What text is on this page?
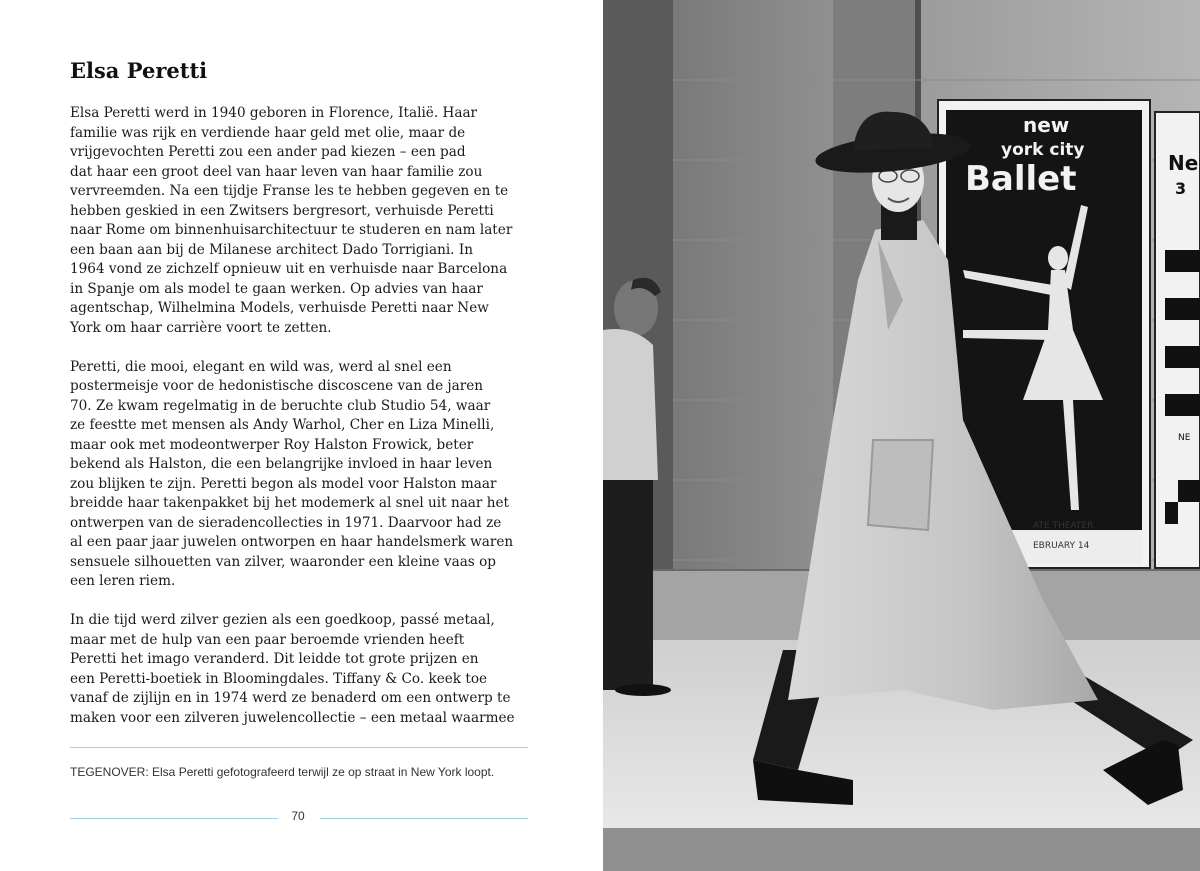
Elsa Peretti
Elsa Peretti werd in 1940 geboren in Florence, Italië. Haar
familie was rijk en verdiende haar geld met olie, maar de
vrijgevochten Peretti zou een ander pad kiezen – een pad
dat haar een groot deel van haar leven van haar familie zou
vervreemden. Na een tijdje Franse les te hebben gegeven en te
hebben geskied in een Zwitsers bergresort, verhuisde Peretti
naar Rome om binnenhuisarchitectuur te studeren en nam later
een baan aan bij de Milanese architect Dado Torrigiani. In
1964 vond ze zichzelf opnieuw uit en verhuisde naar Barcelona
in Spanje om als model te gaan werken. Op advies van haar
agentschap, Wilhelmina Models, verhuisde Peretti naar New
York om haar carrière voort te zetten.
Peretti, die mooi, elegant en wild was, werd al snel een
postermeisje voor de hedonistische discoscene van de jaren
70. Ze kwam regelmatig in de beruchte club Studio 54, waar
ze feestte met mensen als Andy Warhol, Cher en Liza Minelli,
maar ook met modeontwerper Roy Halston Frowick, beter
bekend als Halston, die een belangrijke invloed in haar leven
zou blijken te zijn. Peretti begon als model voor Halston maar
breidde haar takenpakket bij het modemerk al snel uit naar het
ontwerpen van de sieradencollecties in 1971. Daarvoor had ze
al een paar jaar juwelen ontworpen en haar handelsmerk waren
sensuele silhouetten van zilver, waaronder een kleine vaas op
een leren riem.
In die tijd werd zilver gezien als een goedkoop, passé metaal,
maar met de hulp van een paar beroemde vrienden heeft
Peretti het imago veranderd. Dit leidde tot grote prijzen en
een Peretti-boetiek in Bloomingdales. Tiffany & Co. keek toe
vanaf de zijlijn en in 1974 werd ze benaderd om een ontwerp te
maken voor een zilveren juwelencollectie – een metaal waarmee
TEGENOVER: Elsa Peretti gefotografeerd terwijl ze op straat in New York loopt.
70
new
york city
Ballet
ATE THEATER
EBRUARY 14
Ne
3
NE
